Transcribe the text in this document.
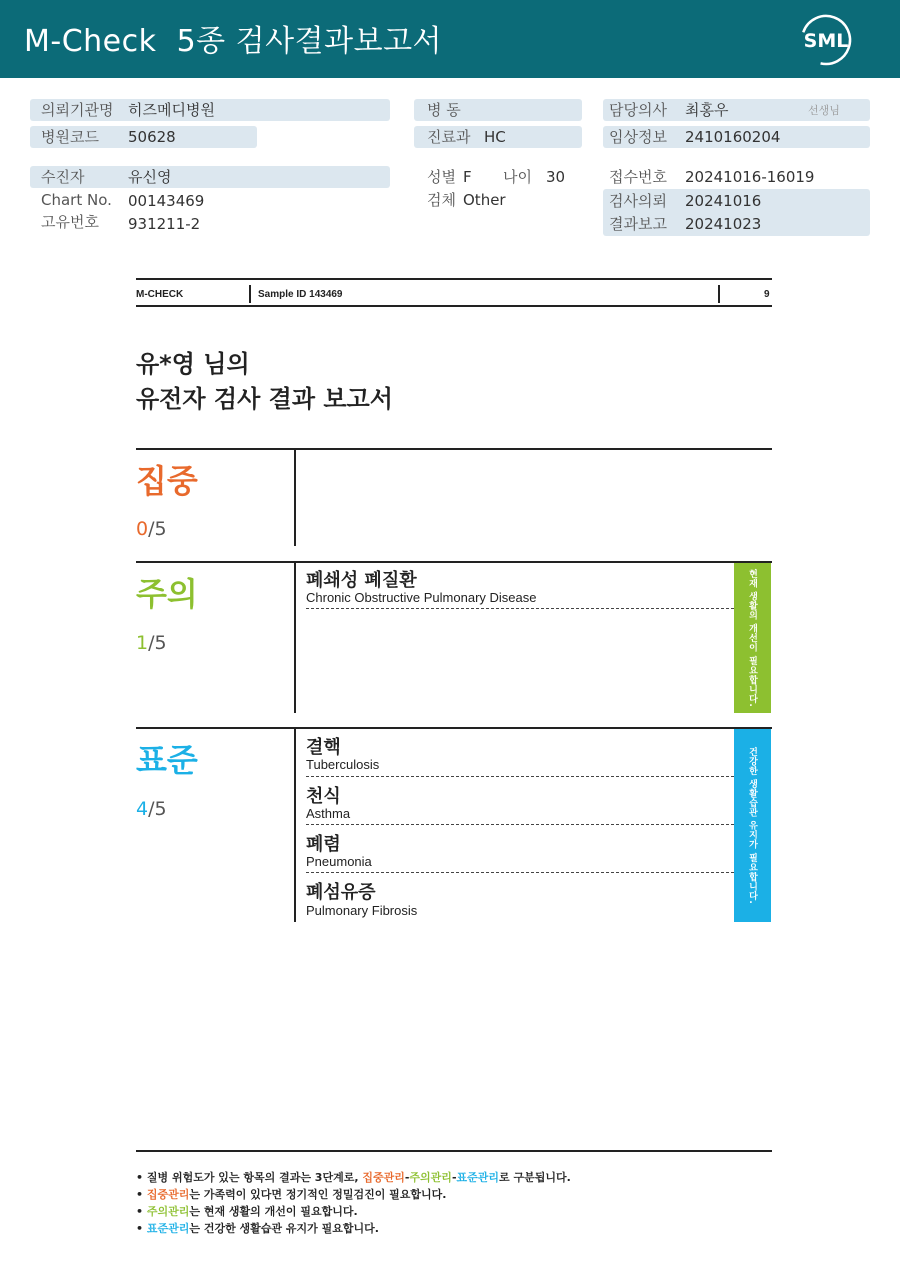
M-Check  5종 검사결과보고서	SML
의뢰기관명 히즈메디병원
병원코드 50628
수진자	유신영
Chart No. 00143469
고유번호 931211-2
병 동
진료과 HC
성별 F 나이 30
검체 Other
담당의사 최홍우	선생님
임상정보 2410160204
접수번호 20241016-16019
검사의뢰 20241016
결과보고 20241023
M-CHECK	Sample ID 143469	9
유*영 님의
유전자 검사 결과 보고서
집중
0/5
주의
1/5
폐쇄성 폐질환
Chronic Obstructive Pulmonary Disease	현재 생활의 개선이 필요합니다.
표준
4/5
결핵
Tuberculosis
천식
Asthma
폐렴
Pneumonia
폐섬유증
Pulmonary Fibrosis
건강한 생활습관 유지가 필요합니다.
• 질병 위험도가 있는 항목의 결과는 3단계로, 집중관리-주의관리-표준관리로 구분됩니다.
• 집중관리는 가족력이 있다면 정기적인 정밀검진이 필요합니다.
• 주의관리는 현재 생활의 개선이 필요합니다.
• 표준관리는 건강한 생활습관 유지가 필요합니다.
